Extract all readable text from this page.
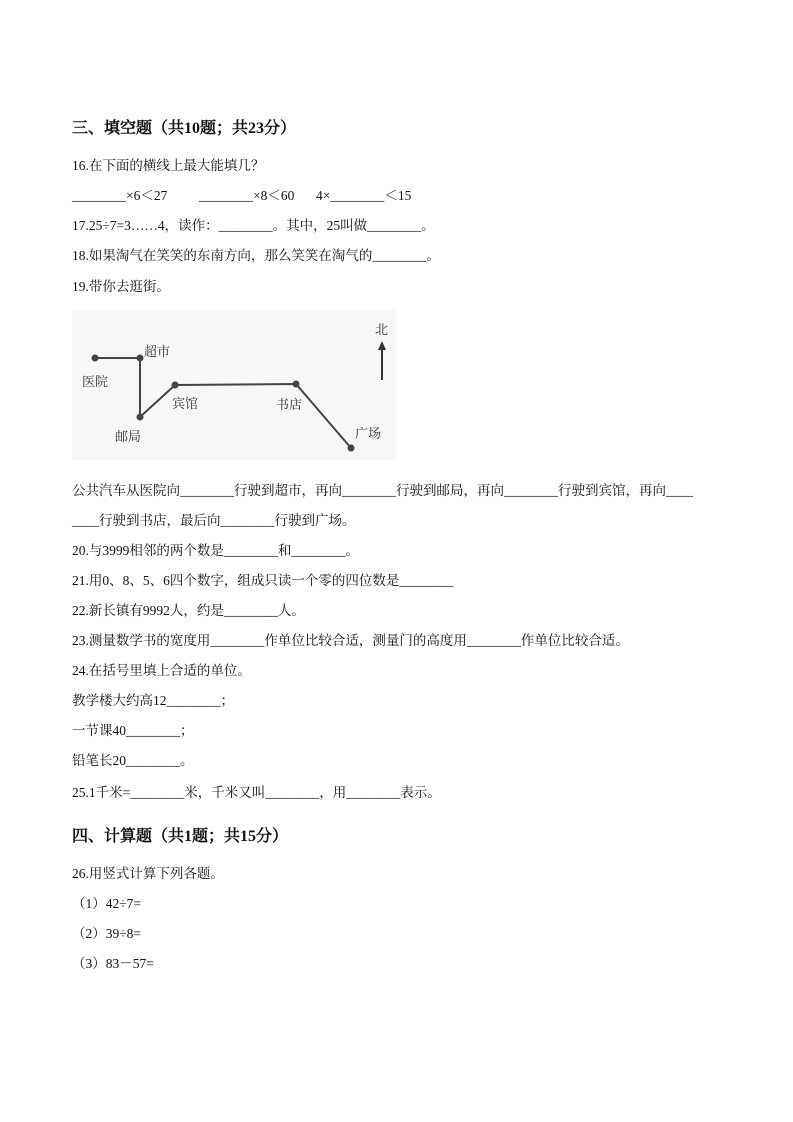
三、填空题（共10题；共23分）
16.在下面的横线上最大能填几？
________×6＜27 ________×8＜60 4×________＜15
17.25÷7=3……4，读作：________。其中，25叫做________。
18.如果淘气在笑笑的东南方向，那么笑笑在淘气的________。
19.带你去逛街。
医院
超市
邮局
宾馆	书店
广场
北
公共汽车从医院向________行驶到超市，再向________行驶到邮局，再向________行驶到宾馆，再向____
____行驶到书店，最后向________行驶到广场。
20.与3999相邻的两个数是________和________。
21.用0、8、5、6四个数字，组成只读一个零的四位数是________
22.新长镇有9992人，约是________人。
23.测量数学书的宽度用________作单位比较合适，测量门的高度用________作单位比较合适。
24.在括号里填上合适的单位。
教学楼大约高12________；
一节课40________；
铅笔长20________。
25.1千米=________米，千米又叫________，用________表示。
四、计算题（共1题；共15分）
26.用竖式计算下列各题。
（1）42÷7=
（2）39÷8=
（3）83－57=
